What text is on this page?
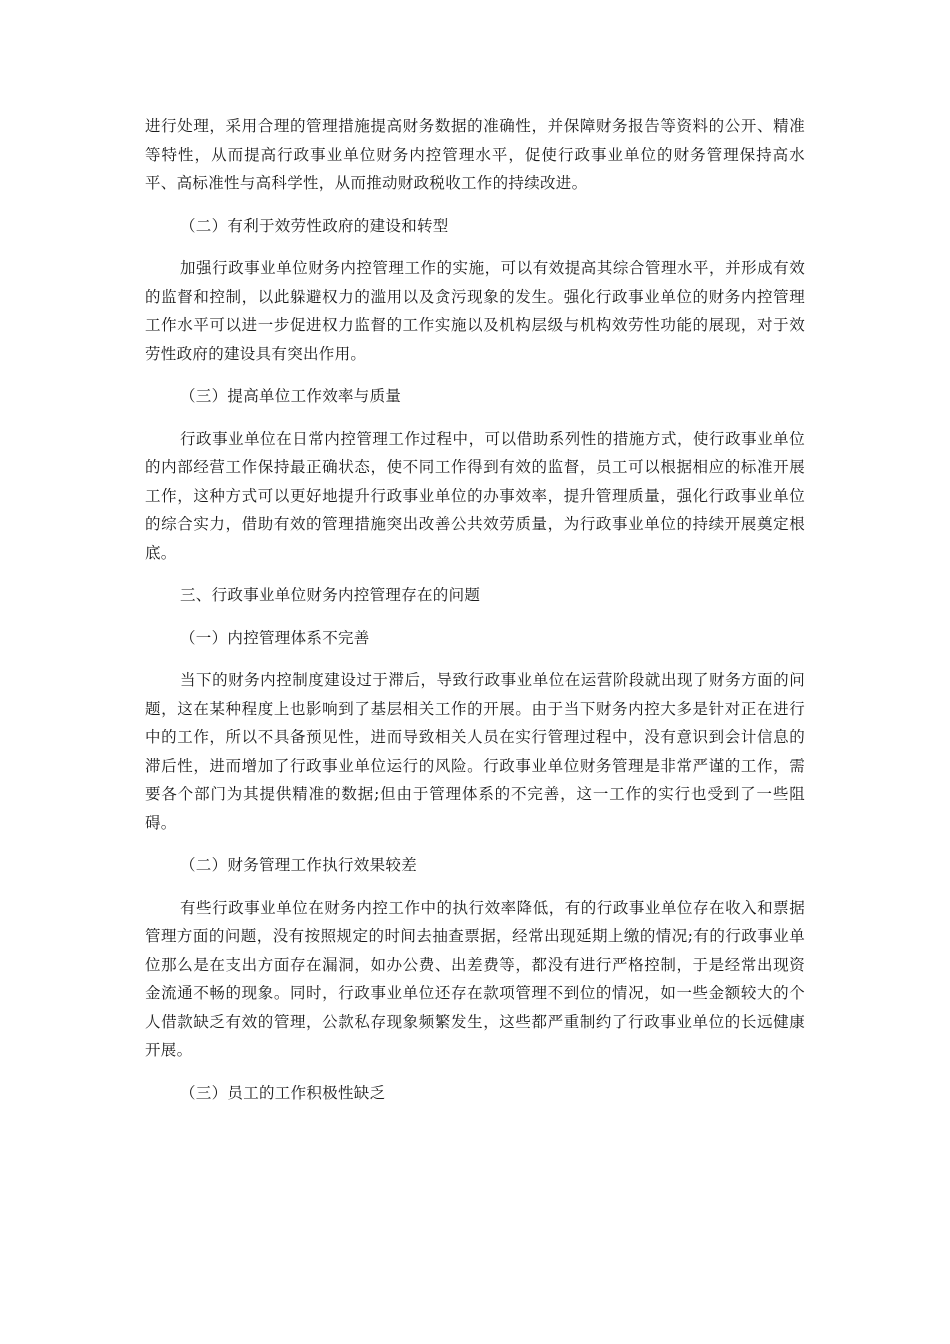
进行处理，采用合理的管理措施提高财务数据的准确性，并保障财务报告等资料的公开、精准等特性，从而提高行政事业单位财务内控管理水平，促使行政事业单位的财务管理保持高水平、高标准性与高科学性，从而推动财政税收工作的持续改进。

（二）有利于效劳性政府的建设和转型

加强行政事业单位财务内控管理工作的实施，可以有效提高其综合管理水平，并形成有效的监督和控制，以此躲避权力的滥用以及贪污现象的发生。强化行政事业单位的财务内控管理工作水平可以进一步促进权力监督的工作实施以及机构层级与机构效劳性功能的展现，对于效劳性政府的建设具有突出作用。

（三）提高单位工作效率与质量

行政事业单位在日常内控管理工作过程中，可以借助系列性的措施方式，使行政事业单位的内部经营工作保持最正确状态，使不同工作得到有效的监督，员工可以根据相应的标准开展工作，这种方式可以更好地提升行政事业单位的办事效率，提升管理质量，强化行政事业单位的综合实力，借助有效的管理措施突出改善公共效劳质量，为行政事业单位的持续开展奠定根底。

三、行政事业单位财务内控管理存在的问题

（一）内控管理体系不完善

当下的财务内控制度建设过于滞后，导致行政事业单位在运营阶段就出现了财务方面的问题，这在某种程度上也影响到了基层相关工作的开展。由于当下财务内控大多是针对正在进行中的工作，所以不具备预见性，进而导致相关人员在实行管理过程中，没有意识到会计信息的滞后性，进而增加了行政事业单位运行的风险。行政事业单位财务管理是非常严谨的工作，需要各个部门为其提供精准的数据;但由于管理体系的不完善，这一工作的实行也受到了一些阻碍。

（二）财务管理工作执行效果较差

有些行政事业单位在财务内控工作中的执行效率降低，有的行政事业单位存在收入和票据管理方面的问题，没有按照规定的时间去抽查票据，经常出现延期上缴的情况;有的行政事业单位那么是在支出方面存在漏洞，如办公费、出差费等，都没有进行严格控制，于是经常出现资金流通不畅的现象。同时，行政事业单位还存在款项管理不到位的情况，如一些金额较大的个人借款缺乏有效的管理，公款私存现象频繁发生，这些都严重制约了行政事业单位的长远健康开展。

（三）员工的工作积极性缺乏
